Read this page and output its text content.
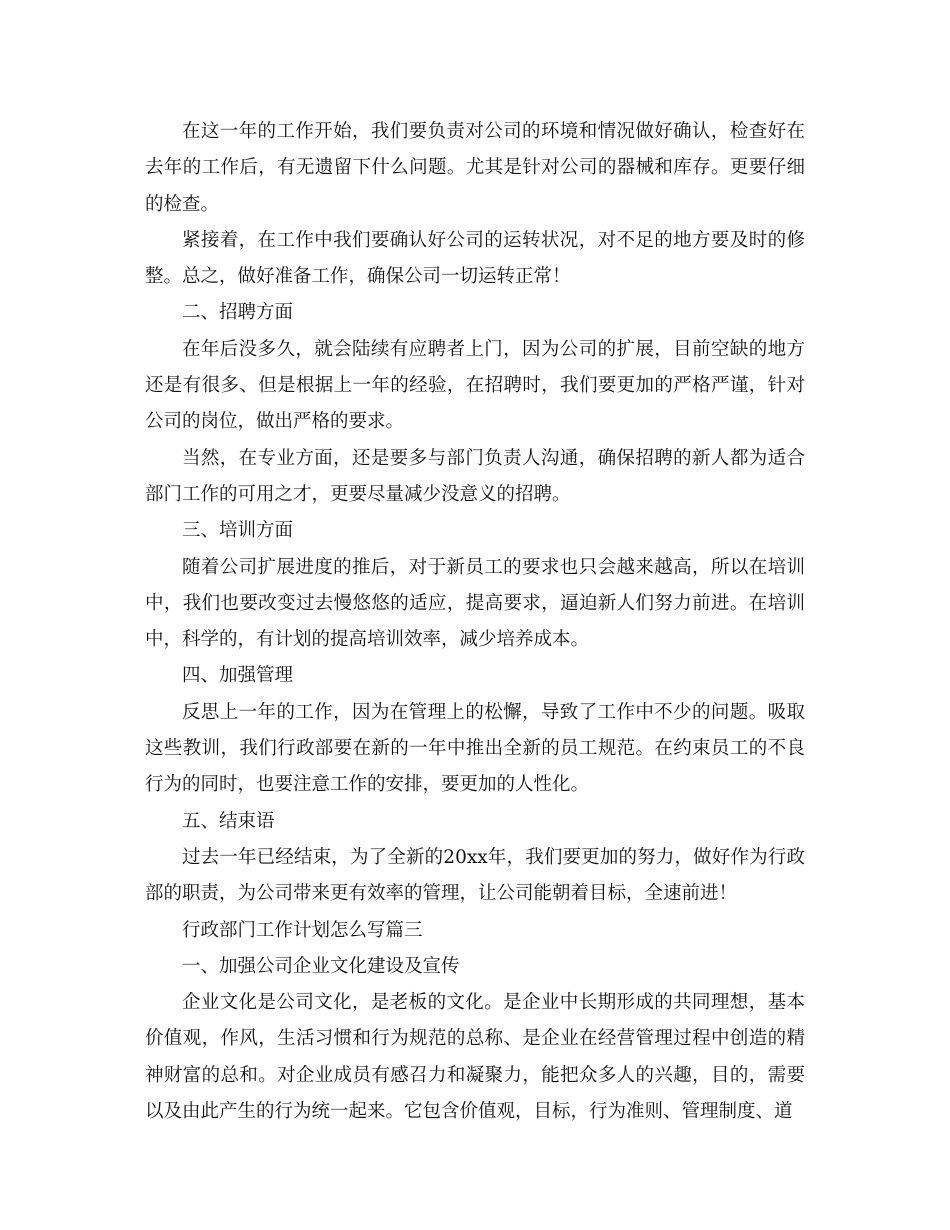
在这一年的工作开始，我们要负责对公司的环境和情况做好确认，检查好在去年的工作后，有无遗留下什么问题。尤其是针对公司的器械和库存。更要仔细的检查。

紧接着，在工作中我们要确认好公司的运转状况，对不足的地方要及时的修整。总之，做好准备工作，确保公司一切运转正常！

二、招聘方面

在年后没多久，就会陆续有应聘者上门，因为公司的扩展，目前空缺的地方还是有很多、但是根据上一年的经验，在招聘时，我们要更加的严格严谨，针对公司的岗位，做出严格的要求。

当然，在专业方面，还是要多与部门负责人沟通，确保招聘的新人都为适合部门工作的可用之才，更要尽量减少没意义的招聘。

三、培训方面

随着公司扩展进度的推后，对于新员工的要求也只会越来越高，所以在培训中，我们也要改变过去慢悠悠的适应，提高要求，逼迫新人们努力前进。在培训中，科学的，有计划的提高培训效率，减少培养成本。

四、加强管理

反思上一年的工作，因为在管理上的松懈，导致了工作中不少的问题。吸取这些教训，我们行政部要在新的一年中推出全新的员工规范。在约束员工的不良行为的同时，也要注意工作的安排，要更加的人性化。

五、结束语

过去一年已经结束，为了全新的20xx年，我们要更加的努力，做好作为行政部的职责，为公司带来更有效率的管理，让公司能朝着目标，全速前进！

行政部门工作计划怎么写篇三

一、加强公司企业文化建设及宣传

企业文化是公司文化，是老板的文化。是企业中长期形成的共同理想，基本价值观，作风，生活习惯和行为规范的总称、是企业在经营管理过程中创造的精神财富的总和。对企业成员有感召力和凝聚力，能把众多人的兴趣，目的，需要以及由此产生的行为统一起来。它包含价值观，目标，行为准则、管理制度、道
